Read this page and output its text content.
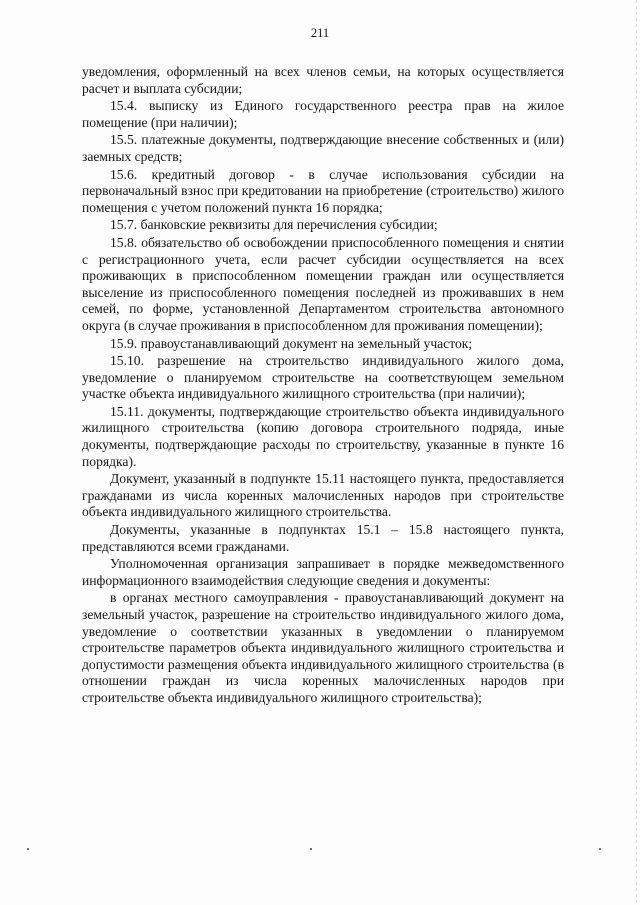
211

уведомления, оформленный на всех членов семьи, на которых осуществляется расчет и выплата субсидии;

15.4. выписку из Единого государственного реестра прав на жилое помещение (при наличии);

15.5. платежные документы, подтверждающие внесение собственных и (или) заемных средств;

15.6. кредитный договор - в случае использования субсидии на первоначальный взнос при кредитовании на приобретение (строительство) жилого помещения с учетом положений пункта 16 порядка;

15.7. банковские реквизиты для перечисления субсидии;

15.8. обязательство об освобождении приспособленного помещения и снятии с регистрационного учета, если расчет субсидии осуществляется на всех проживающих в приспособленном помещении граждан или осуществляется выселение из приспособленного помещения последней из проживавших в нем семей, по форме, установленной Департаментом строительства автономного округа (в случае проживания в приспособленном для проживания помещении);

15.9. правоустанавливающий документ на земельный участок;

15.10. разрешение на строительство индивидуального жилого дома, уведомление о планируемом строительстве на соответствующем земельном участке объекта индивидуального жилищного строительства (при наличии);

15.11. документы, подтверждающие строительство объекта индивидуального жилищного строительства (копию договора строительного подряда, иные документы, подтверждающие расходы по строительству, указанные в пункте 16 порядка).

Документ, указанный в подпункте 15.11 настоящего пункта, предоставляется гражданами из числа коренных малочисленных народов при строительстве объекта индивидуального жилищного строительства.

Документы, указанные в подпунктах 15.1 – 15.8 настоящего пункта, представляются всеми гражданами.

Уполномоченная организация запрашивает в порядке межведомственного информационного взаимодействия следующие сведения и документы:

в органах местного самоуправления - правоустанавливающий документ на земельный участок, разрешение на строительство индивидуального жилого дома, уведомление о соответствии указанных в уведомлении о планируемом строительстве параметров объекта индивидуального жилищного строительства и допустимости размещения объекта индивидуального жилищного строительства (в отношении граждан из числа коренных малочисленных народов при строительстве объекта индивидуального жилищного строительства);
